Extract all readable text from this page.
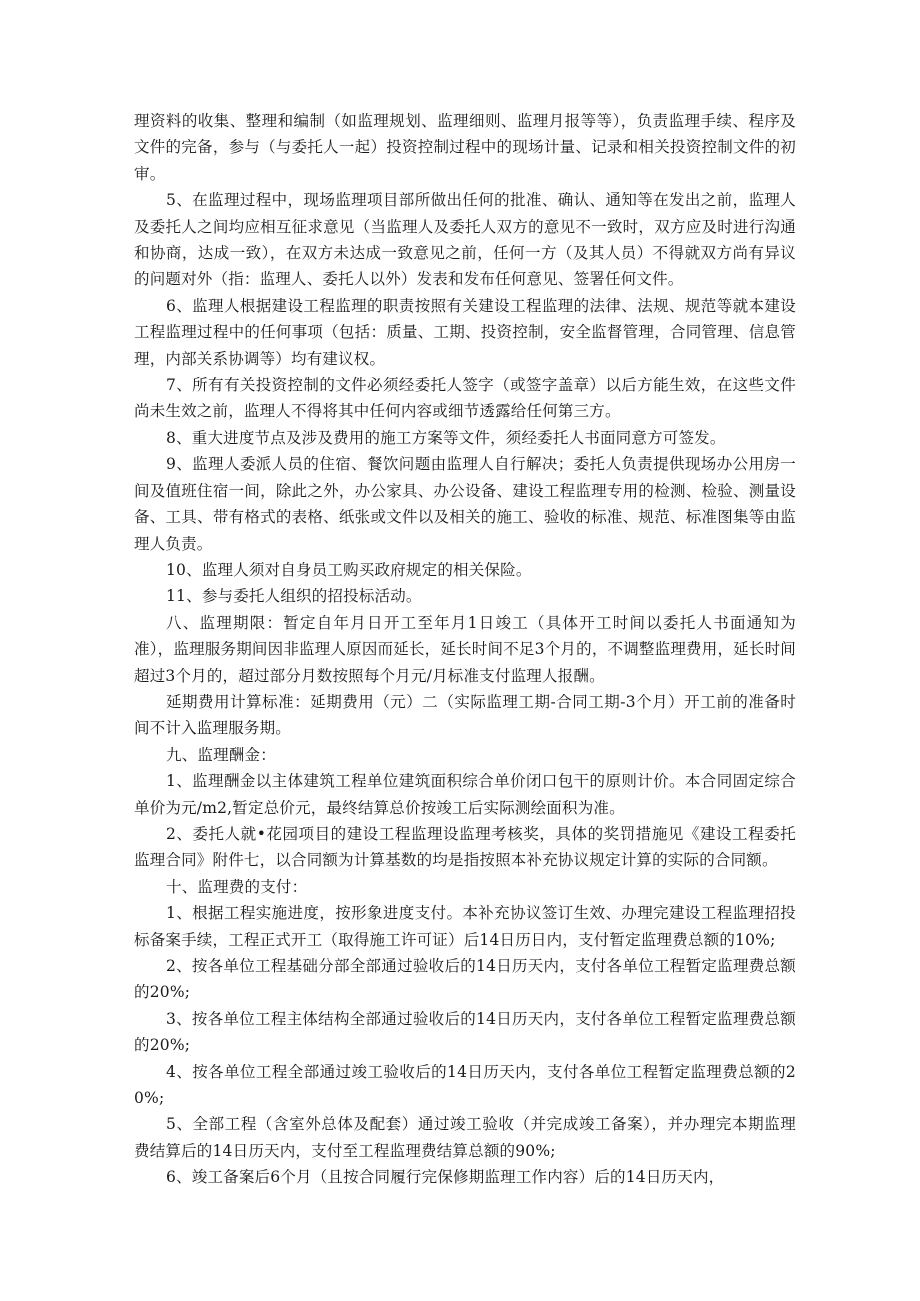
理资料的收集、整理和编制（如监理规划、监理细则、监理月报等等），负责监理手续、程序及文件的完备，参与（与委托人一起）投资控制过程中的现场计量、记录和相关投资控制文件的初审。

5、在监理过程中，现场监理项目部所做出任何的批准、确认、通知等在发出之前，监理人及委托人之间均应相互征求意见（当监理人及委托人双方的意见不一致时，双方应及时进行沟通和协商，达成一致），在双方未达成一致意见之前，任何一方（及其人员）不得就双方尚有异议的问题对外（指：监理人、委托人以外）发表和发布任何意见、签署任何文件。

6、监理人根据建设工程监理的职责按照有关建设工程监理的法律、法规、规范等就本建设工程监理过程中的任何事项（包括：质量、工期、投资控制，安全监督管理，合同管理、信息管理，内部关系协调等）均有建议权。

7、所有有关投资控制的文件必须经委托人签字（或签字盖章）以后方能生效，在这些文件尚未生效之前，监理人不得将其中任何内容或细节透露给任何第三方。

8、重大进度节点及涉及费用的施工方案等文件，须经委托人书面同意方可签发。

9、监理人委派人员的住宿、餐饮问题由监理人自行解决；委托人负责提供现场办公用房一间及值班住宿一间，除此之外，办公家具、办公设备、建设工程监理专用的检测、检验、测量设备、工具、带有格式的表格、纸张或文件以及相关的施工、验收的标准、规范、标准图集等由监理人负责。

10、监理人须对自身员工购买政府规定的相关保险。

11、参与委托人组织的招投标活动。

八、监理期限：暂定自年月日开工至年月1日竣工（具体开工时间以委托人书面通知为准），监理服务期间因非监理人原因而延长，延长时间不足3个月的，不调整监理费用，延长时间超过3个月的，超过部分月数按照每个月元/月标准支付监理人报酬。

延期费用计算标准：延期费用（元）二（实际监理工期-合同工期-3个月）开工前的准备时间不计入监理服务期。

九、监理酬金：

1、监理酬金以主体建筑工程单位建筑面积综合单价闭口包干的原则计价。本合同固定综合单价为元/m2,暂定总价元，最终结算总价按竣工后实际测绘面积为准。

2、委托人就•花园项目的建设工程监理设监理考核奖，具体的奖罚措施见《建设工程委托监理合同》附件七，以合同额为计算基数的均是指按照本补充协议规定计算的实际的合同额。

十、监理费的支付：

1、根据工程实施进度，按形象进度支付。本补充协议签订生效、办理完建设工程监理招投标备案手续，工程正式开工（取得施工许可证）后14日历日内，支付暂定监理费总额的10%;

2、按各单位工程基础分部全部通过验收后的14日历天内，支付各单位工程暂定监理费总额的20%;

3、按各单位工程主体结构全部通过验收后的14日历天内，支付各单位工程暂定监理费总额的20%;

4、按各单位工程全部通过竣工验收后的14日历天内，支付各单位工程暂定监理费总额的20%;

5、全部工程（含室外总体及配套）通过竣工验收（并完成竣工备案），并办理完本期监理费结算后的14日历天内，支付至工程监理费结算总额的90%;

6、竣工备案后6个月（且按合同履行完保修期监理工作内容）后的14日历天内，
